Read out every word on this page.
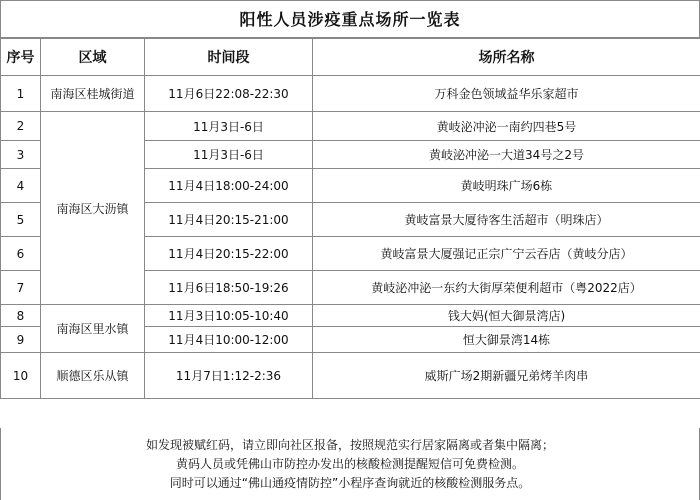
阳性人员涉疫重点场所一览表
序号	区域	时间段	场所名称
1	南海区桂城街道	11月6日22:08-22:30	万科金色领域益华乐家超市
2	南海区大沥镇	11月3日-6日	黄岐泌冲泌一南约四巷5号
3		11月3日-6日	黄岐泌冲泌一大道34号之2号
4		11月4日18:00-24:00	黄岐明珠广场6栋
5		11月4日20:15-21:00	黄岐富景大厦待客生活超市（明珠店）
6		11月4日20:15-22:00	黄岐富景大厦强记正宗广宁云吞店（黄岐分店）
7		11月6日18:50-19:26	黄岐泌冲泌一东约大街厚荣便利超市（粤2022店）
8	南海区里水镇	11月3日10:05-10:40	钱大妈(恒大御景湾店)
9		11月4日10:00-12:00	恒大御景湾14栋
10	顺德区乐从镇	11月7日1:12-2:36	威斯广场2期新疆兄弟烤羊肉串
如发现被赋红码，请立即向社区报备，按照规范实行居家隔离或者集中隔离；
黄码人员或凭佛山市防控办发出的核酸检测提醒短信可免费检测。
同时可以通过“佛山通疫情防控”小程序查询就近的核酸检测服务点。
